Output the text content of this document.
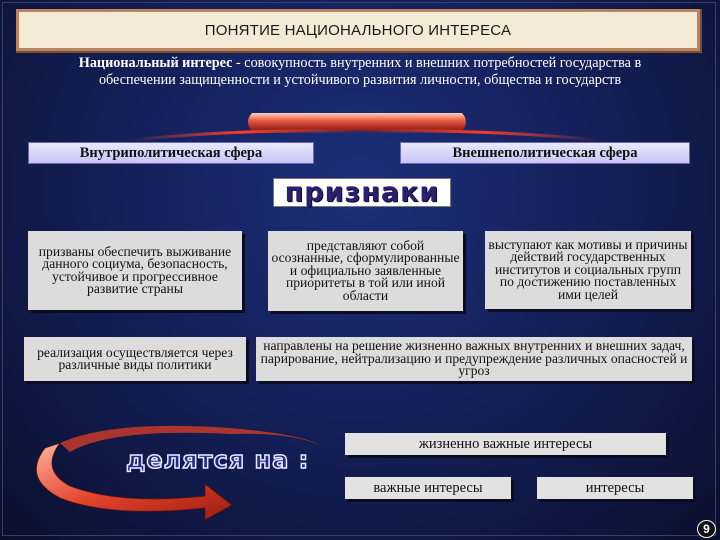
ПОНЯТИЕ НАЦИОНАЛЬНОГО ИНТЕРЕСА
Национальный интерес - совокупность внутренних и внешних потребностей государства в обеспечении защищенности и устойчивого развития личности, общества и государств
Внутриполитическая сфера	Внешнеполитическая сфера
признаки
призваны обеспечить выживание данного социума, безопасность, устойчивое и прогрессивное развитие страны
представляют собой осознанные, сформулированные и официально заявленные приоритеты в той или иной области
выступают как мотивы и причины действий государственных институтов и социальных групп по достижению поставленных ими целей
реализация осуществляется через различные виды политики
направлены на решение жизненно важных внутренних и внешних задач, парирование, нейтрализацию и предупреждение различных опасностей и угроз
делятся на :
жизненно важные интересы
важные интересы	интересы
9
